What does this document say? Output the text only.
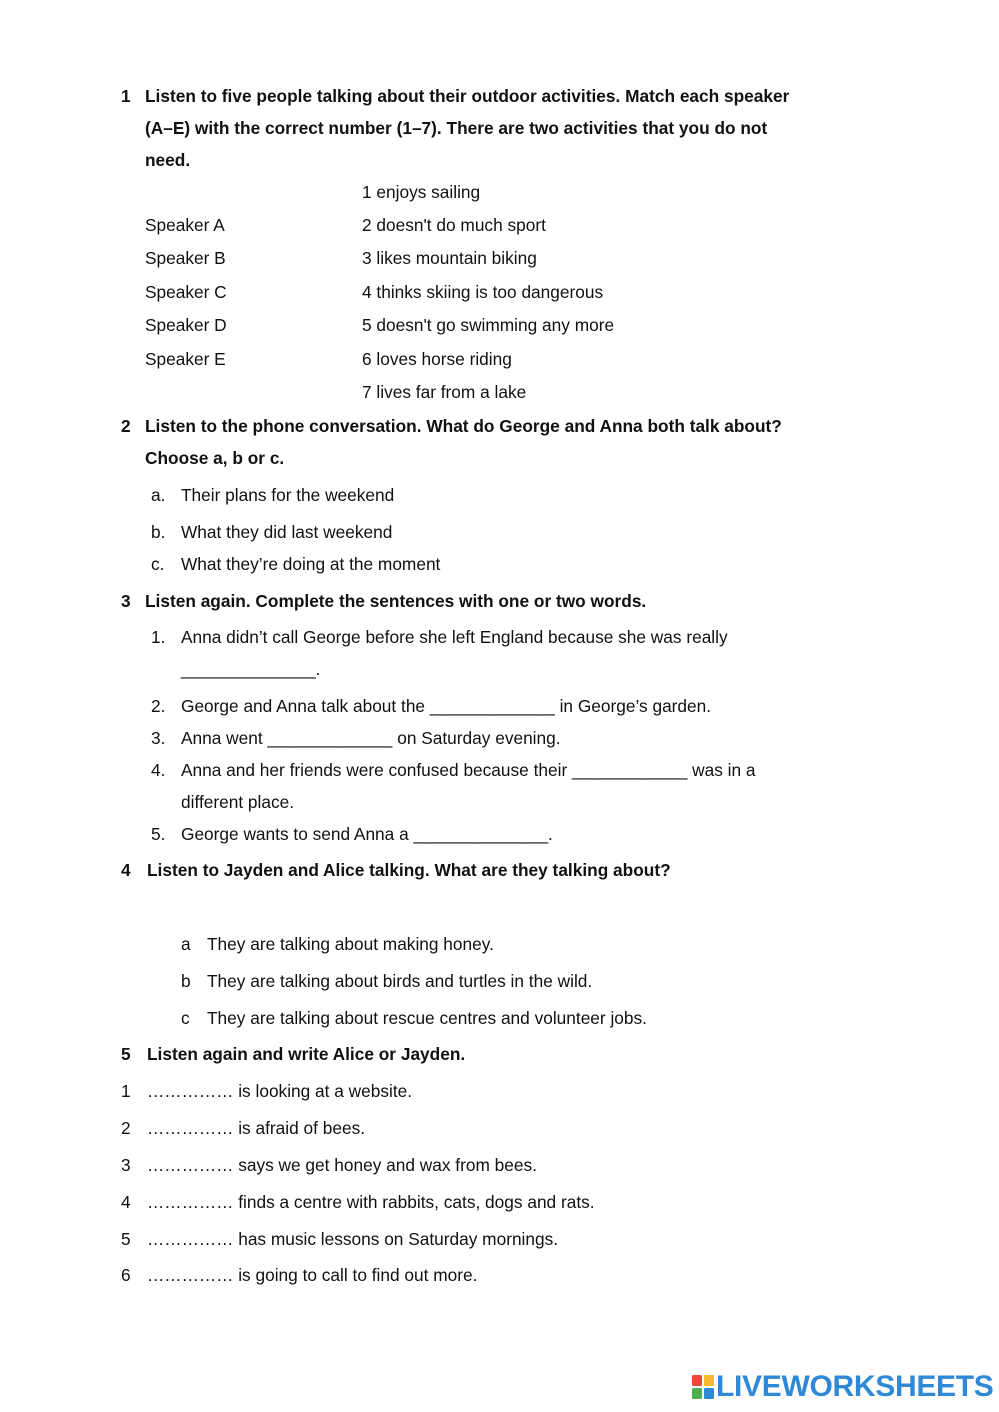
1 Listen to five people talking about their outdoor activities. Match each speaker
(A–E) with the correct number (1–7). There are two activities that you do not
need.
Speaker A
Speaker B
Speaker C
Speaker D
Speaker E
1 enjoys sailing
2 doesn't do much sport
3 likes mountain biking
4 thinks skiing is too dangerous
5 doesn't go swimming any more
6 loves horse riding
7 lives far from a lake
2 Listen to the phone conversation. What do George and Anna both talk about?
Choose a, b or c.
a. Their plans for the weekend
b. What they did last weekend
c. What they’re doing at the moment
3 Listen again. Complete the sentences with one or two words.
1. Anna didn’t call George before she left England because she was really
______________.
2. George and Anna talk about the _____________ in George’s garden.
3. Anna went _____________ on Saturday evening.
4. Anna and her friends were confused because their ____________ was in a
different place.
5. George wants to send Anna a ______________.
4 Listen to Jayden and Alice talking. What are they talking about?
a They are talking about making honey.
b They are talking about birds and turtles in the wild.
c They are talking about rescue centres and volunteer jobs.
5 Listen again and write Alice or Jayden.
1 …………… is looking at a website.
2 …………… is afraid of bees.
3 …………… says we get honey and wax from bees.
4 …………… finds a centre with rabbits, cats, dogs and rats.
5 …………… has music lessons on Saturday mornings.
6 …………… is going to call to find out more.
LIVEWORKSHEETS
